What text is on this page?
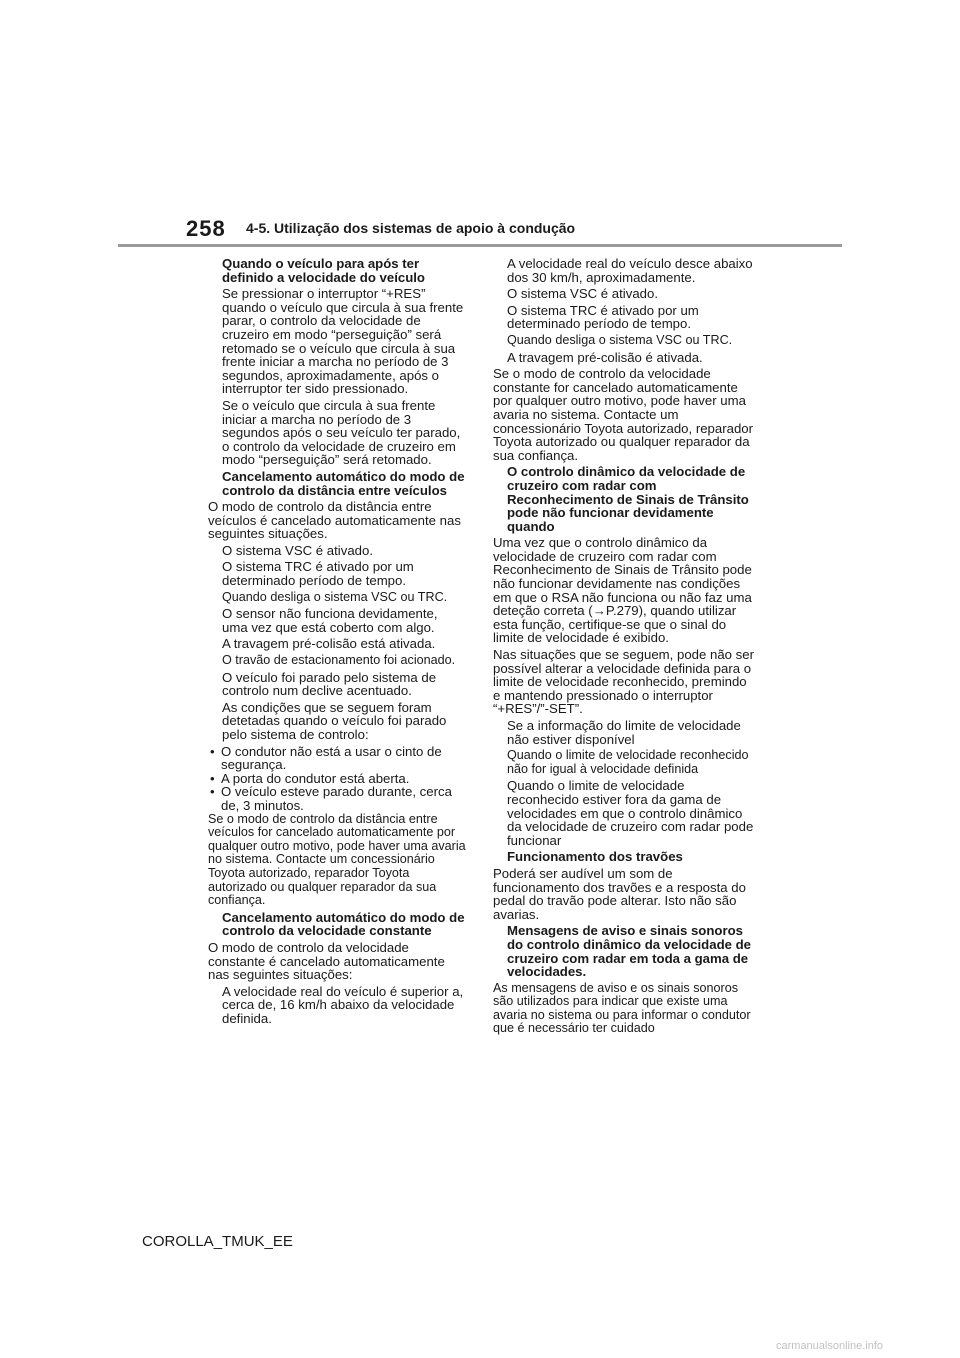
258 4-5. Utilização dos sistemas de apoio à condução
Quando o veículo para após ter definido a velocidade do veículo
Se pressionar o interruptor “+RES” quando o veículo que circula à sua frente parar, o controlo da velocidade de cruzeiro em modo “perseguição” será retomado se o veículo que circula à sua frente iniciar a marcha no período de 3 segundos, aproximadamente, após o interruptor ter sido pressionado.
Se o veículo que circula à sua frente iniciar a marcha no período de 3 segundos após o seu veículo ter parado, o controlo da velocidade de cruzeiro em modo “perseguição” será retomado.
Cancelamento automático do modo de controlo da distância entre veículos
O modo de controlo da distância entre veículos é cancelado automaticamente nas seguintes situações.
O sistema VSC é ativado.
O sistema TRC é ativado por um determinado período de tempo.
Quando desliga o sistema VSC ou TRC.
O sensor não funciona devidamente, uma vez que está coberto com algo.
A travagem pré-colisão está ativada.
O travão de estacionamento foi acionado.
O veículo foi parado pelo sistema de controlo num declive acentuado.
As condições que se seguem foram detetadas quando o veículo foi parado pelo sistema de controlo:
• O condutor não está a usar o cinto de segurança.
• A porta do condutor está aberta.
• O veículo esteve parado durante, cerca de, 3 minutos.
Se o modo de controlo da distância entre veículos for cancelado automaticamente por qualquer outro motivo, pode haver uma avaria no sistema. Contacte um concessionário Toyota autorizado, reparador Toyota autorizado ou qualquer reparador da sua confiança.
Cancelamento automático do modo de controlo da velocidade constante
O modo de controlo da velocidade constante é cancelado automaticamente nas seguintes situações:
A velocidade real do veículo é superior a, cerca de, 16 km/h abaixo da velocidade definida.
A velocidade real do veículo desce abaixo dos 30 km/h, aproximadamente.
O sistema VSC é ativado.
O sistema TRC é ativado por um determinado período de tempo.
Quando desliga o sistema VSC ou TRC.
A travagem pré-colisão é ativada.
Se o modo de controlo da velocidade constante for cancelado automaticamente por qualquer outro motivo, pode haver uma avaria no sistema. Contacte um concessionário Toyota autorizado, reparador Toyota autorizado ou qualquer reparador da sua confiança.
O controlo dinâmico da velocidade de cruzeiro com radar com Reconhecimento de Sinais de Trânsito pode não funcionar devidamente quando
Uma vez que o controlo dinâmico da velocidade de cruzeiro com radar com Reconhecimento de Sinais de Trânsito pode não funcionar devidamente nas condições em que o RSA não funciona ou não faz uma deteção correta (→P.279), quando utilizar esta função, certifique-se que o sinal do limite de velocidade é exibido.
Nas situações que se seguem, pode não ser possível alterar a velocidade definida para o limite de velocidade reconhecido, premindo e mantendo pressionado o interruptor “+RES”/”-SET”.
Se a informação do limite de velocidade não estiver disponível
Quando o limite de velocidade reconhecido não for igual à velocidade definida
Quando o limite de velocidade reconhecido estiver fora da gama de velocidades em que o controlo dinâmico da velocidade de cruzeiro com radar pode funcionar
Funcionamento dos travões
Poderá ser audível um som de funcionamento dos travões e a resposta do pedal do travão pode alterar. Isto não são avarias.
Mensagens de aviso e sinais sonoros do controlo dinâmico da velocidade de cruzeiro com radar em toda a gama de velocidades.
As mensagens de aviso e os sinais sonoros são utilizados para indicar que existe uma avaria no sistema ou para informar o condutor que é necessário ter cuidado
COROLLA_TMUK_EE
carmanualsonline.info
